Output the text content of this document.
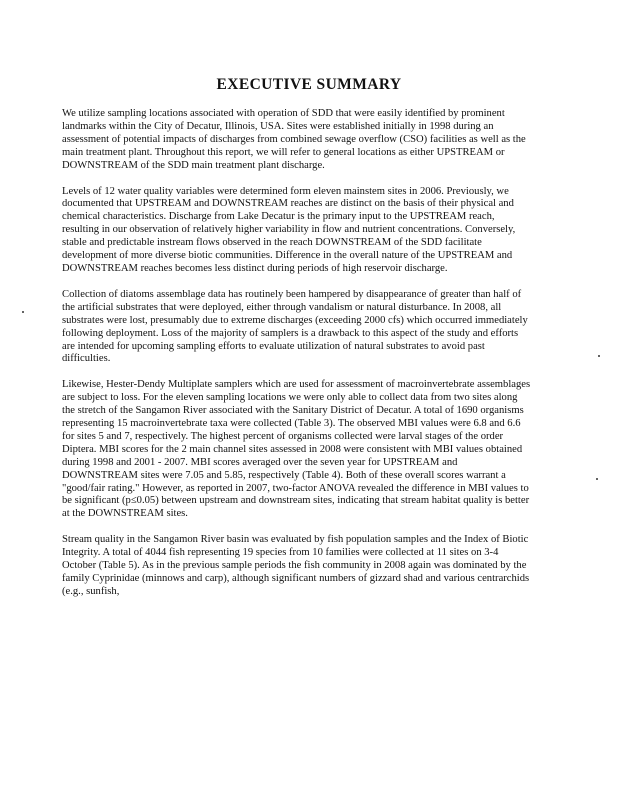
EXECUTIVE SUMMARY

We utilize sampling locations associated with operation of SDD that were easily identified by prominent landmarks within the City of Decatur, Illinois, USA. Sites were established initially in 1998 during an assessment of potential impacts of discharges from combined sewage overflow (CSO) facilities as well as the main treatment plant. Throughout this report, we will refer to general locations as either UPSTREAM or DOWNSTREAM of the SDD main treatment plant discharge.

Levels of 12 water quality variables were determined form eleven mainstem sites in 2006. Previously, we documented that UPSTREAM and DOWNSTREAM reaches are distinct on the basis of their physical and chemical characteristics. Discharge from Lake Decatur is the primary input to the UPSTREAM reach, resulting in our observation of relatively higher variability in flow and nutrient concentrations. Conversely, stable and predictable instream flows observed in the reach DOWNSTREAM of the SDD facilitate development of more diverse biotic communities. Difference in the overall nature of the UPSTREAM and DOWNSTREAM reaches becomes less distinct during periods of high reservoir discharge.

Collection of diatoms assemblage data has routinely been hampered by disappearance of greater than half of the artificial substrates that were deployed, either through vandalism or natural disturbance. In 2008, all substrates were lost, presumably due to extreme discharges (exceeding 2000 cfs) which occurred immediately following deployment. Loss of the majority of samplers is a drawback to this aspect of the study and efforts are intended for upcoming sampling efforts to evaluate utilization of natural substrates to avoid past difficulties.

Likewise, Hester-Dendy Multiplate samplers which are used for assessment of macroinvertebrate assemblages are subject to loss. For the eleven sampling locations we were only able to collect data from two sites along the stretch of the Sangamon River associated with the Sanitary District of Decatur. A total of 1690 organisms representing 15 macroinvertebrate taxa were collected (Table 3). The observed MBI values were 6.8 and 6.6 for sites 5 and 7, respectively. The highest percent of organisms collected were larval stages of the order Diptera. MBI scores for the 2 main channel sites assessed in 2008 were consistent with MBI values obtained during 1998 and 2001 - 2007. MBI scores averaged over the seven year for UPSTREAM and DOWNSTREAM sites were 7.05 and 5.85, respectively (Table 4). Both of these overall scores warrant a "good/fair rating." However, as reported in 2007, two-factor ANOVA revealed the difference in MBI values to be significant (p≤0.05) between upstream and downstream sites, indicating that stream habitat quality is better at the DOWNSTREAM sites.

Stream quality in the Sangamon River basin was evaluated by fish population samples and the Index of Biotic Integrity. A total of 4044 fish representing 19 species from 10 families were collected at 11 sites on 3-4 October (Table 5). As in the previous sample periods the fish community in 2008 again was dominated by the family Cyprinidae (minnows and carp), although significant numbers of gizzard shad and various centrarchids (e.g., sunfish,
